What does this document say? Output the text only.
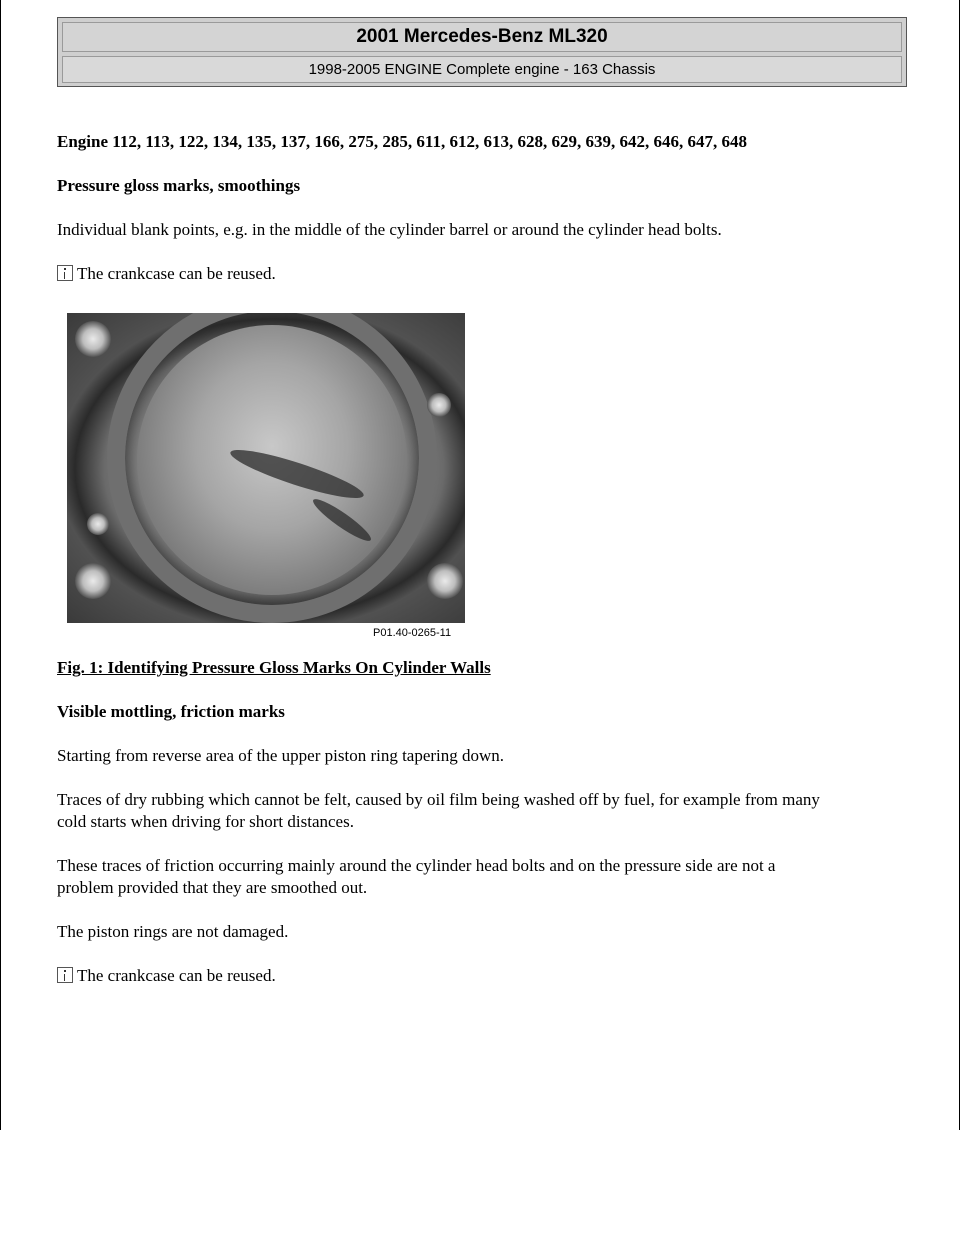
2001 Mercedes-Benz ML320
1998-2005 ENGINE Complete engine - 163 Chassis
Engine 112, 113, 122, 134, 135, 137, 166, 275, 285, 611, 612, 613, 628, 629, 639, 642, 646, 647, 648
Pressure gloss marks, smoothings
Individual blank points, e.g. in the middle of the cylinder barrel or around the cylinder head bolts.
The crankcase can be reused.
P01.40-0265-11
Fig. 1: Identifying Pressure Gloss Marks On Cylinder Walls
Visible mottling, friction marks
Starting from reverse area of the upper piston ring tapering down.
Traces of dry rubbing which cannot be felt, caused by oil film being washed off by fuel, for example from many
cold starts when driving for short distances.
These traces of friction occurring mainly around the cylinder head bolts and on the pressure side are not a
problem provided that they are smoothed out.
The piston rings are not damaged.
The crankcase can be reused.
